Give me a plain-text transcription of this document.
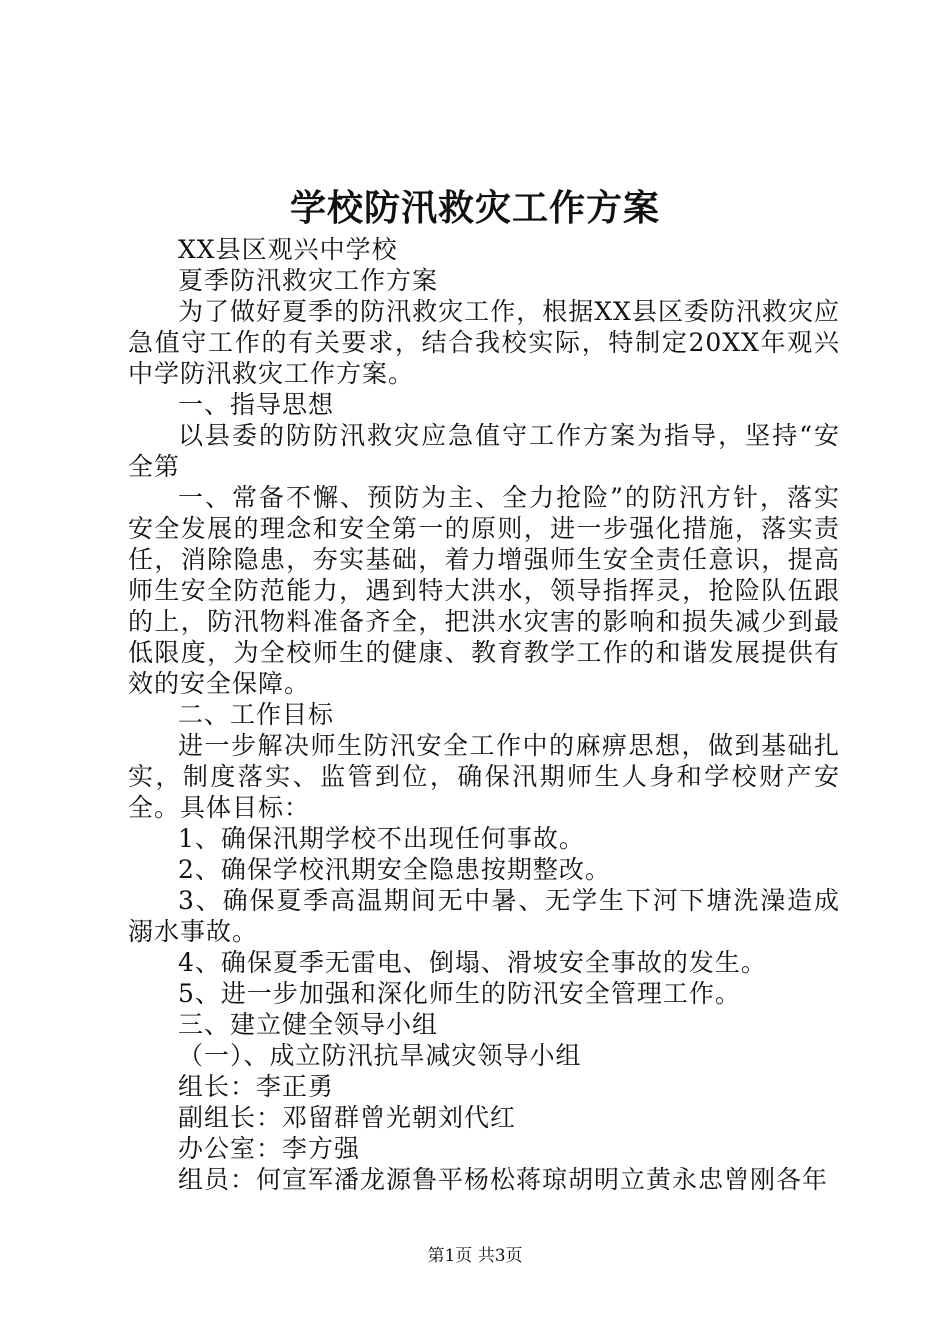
学校防汛救灾工作方案

XX县区观兴中学校

夏季防汛救灾工作方案

为了做好夏季的防汛救灾工作，根据XX县区委防汛救灾应急值守工作的有关要求，结合我校实际，特制定20XX年观兴中学防汛救灾工作方案。

一、指导思想

以县委的防防汛救灾应急值守工作方案为指导，坚持“安全第

一、常备不懈、预防为主、全力抢险”的防汛方针，落实安全发展的理念和安全第一的原则，进一步强化措施，落实责任，消除隐患，夯实基础，着力增强师生安全责任意识，提高师生安全防范能力，遇到特大洪水，领导指挥灵，抢险队伍跟的上，防汛物料准备齐全，把洪水灾害的影响和损失减少到最低限度，为全校师生的健康、教育教学工作的和谐发展提供有效的安全保障。

二、工作目标

进一步解决师生防汛安全工作中的麻痹思想，做到基础扎实，制度落实、监管到位，确保汛期师生人身和学校财产安全。具体目标：

1、确保汛期学校不出现任何事故。

2、确保学校汛期安全隐患按期整改。

3、确保夏季高温期间无中暑、无学生下河下塘洗澡造成溺水事故。

4、确保夏季无雷电、倒塌、滑坡安全事故的发生。

5、进一步加强和深化师生的防汛安全管理工作。

三、建立健全领导小组

（一）、成立防汛抗旱减灾领导小组

组长：李正勇

副组长：邓留群曾光朝刘代红

办公室：李方强

组员：何宣军潘龙源鲁平杨松蒋琼胡明立黄永忠曾刚各年

第1页 共3页
